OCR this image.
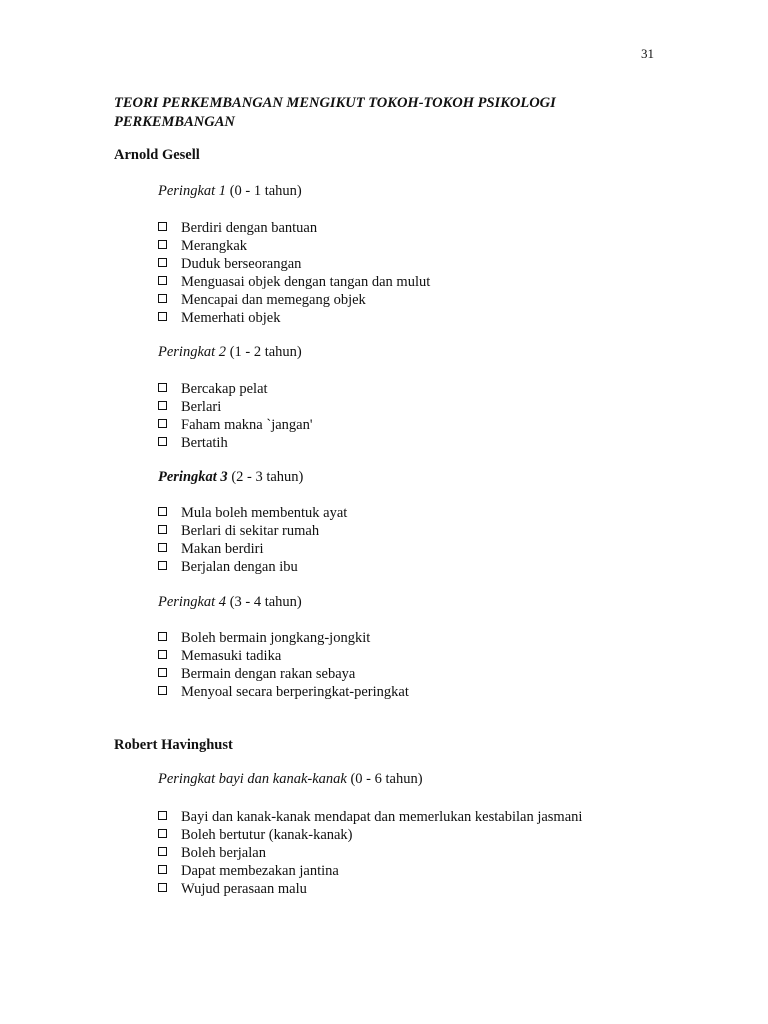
31
TEORI PERKEMBANGAN MENGIKUT TOKOH-TOKOH PSIKOLOGI PERKEMBANGAN
Arnold Gesell
Peringkat 1 (0 - 1 tahun)
Berdiri dengan bantuan
Merangkak
Duduk berseorangan
Menguasai objek dengan tangan dan mulut
Mencapai dan memegang objek
Memerhati objek
Peringkat 2 (1 - 2 tahun)
Bercakap pelat
Berlari
Faham makna `jangan'
Bertatih
Peringkat 3 (2 - 3 tahun)
Mula boleh membentuk ayat
Berlari di sekitar rumah
Makan berdiri
Berjalan dengan ibu
Peringkat 4 (3 - 4 tahun)
Boleh bermain jongkang-jongkit
Memasuki tadika
Bermain dengan rakan sebaya
Menyoal secara berperingkat-peringkat
Robert Havinghust
Peringkat bayi dan kanak-kanak (0 - 6 tahun)
Bayi dan kanak-kanak mendapat dan memerlukan kestabilan jasmani
Boleh bertutur (kanak-kanak)
Boleh berjalan
Dapat membezakan jantina
Wujud perasaan malu
